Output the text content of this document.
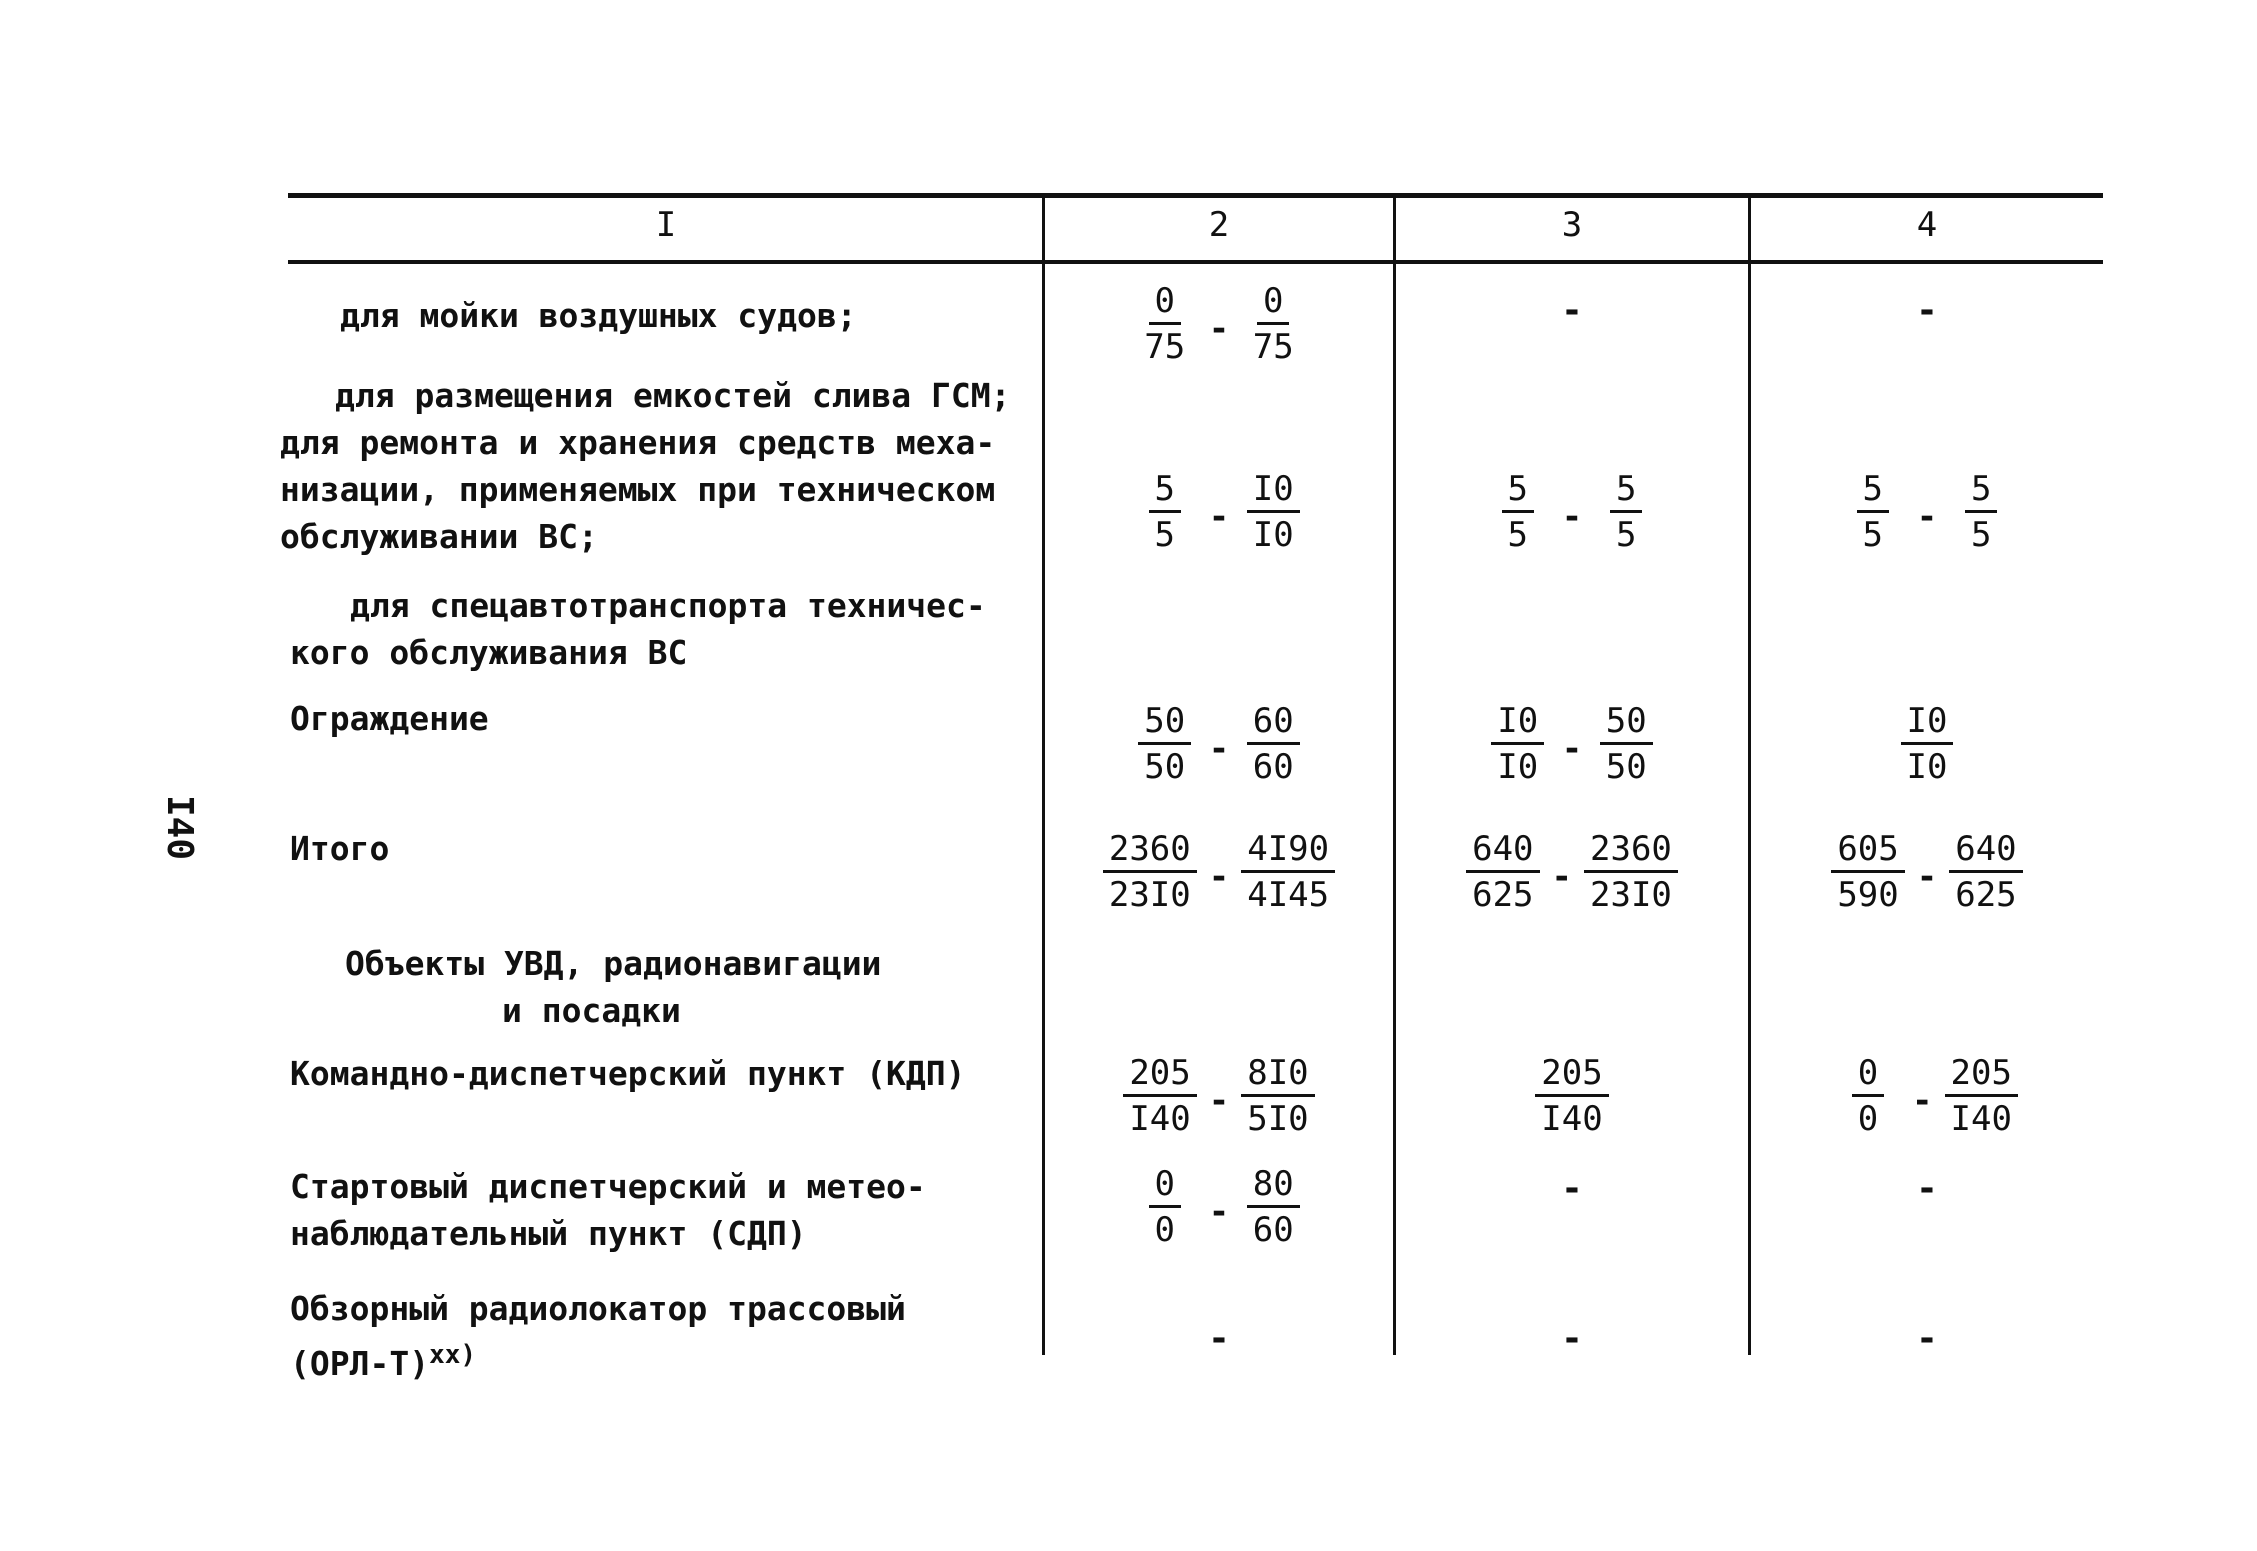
I40
I	2	3	4
для мойки воздушных судов;	$\frac{0}{75} - \frac{0}{75}$	-	-
для размещения емкостей слива ГСМ;
для ремонта и хранения средств меха-
низации, применяемых при техническом
обслуживании ВС;	$\frac{5}{5} - \frac{I0}{I0}$	$\frac{5}{5} - \frac{5}{5}$	$\frac{5}{5} - \frac{5}{5}$
для спецавтотранспорта техничес-
кого обслуживания ВС
Ограждение	$\frac{50}{50} - \frac{60}{60}$	$\frac{I0}{I0} - \frac{50}{50}$	$\frac{I0}{I0}$
Итого	$\frac{2360}{23I0} - \frac{4I90}{4I45}$	$\frac{640}{625} - \frac{2360}{23I0}$	$\frac{605}{590} - \frac{640}{625}$
Объекты УВД, радионавигации
и посадки
Командно-диспетчерский пункт (КДП)	$\frac{205}{I40} - \frac{8I0}{5I0}$	$\frac{205}{I40}$	$\frac{0}{0} - \frac{205}{I40}$
Стартовый диспетчерский и метео-
наблюдательный пункт (СДП)	$\frac{0}{0} - \frac{80}{60}$	-	-
Обзорный радиолокатор трассовый
$(ОРЛ-Т)^{xx)}$	-	-	-
